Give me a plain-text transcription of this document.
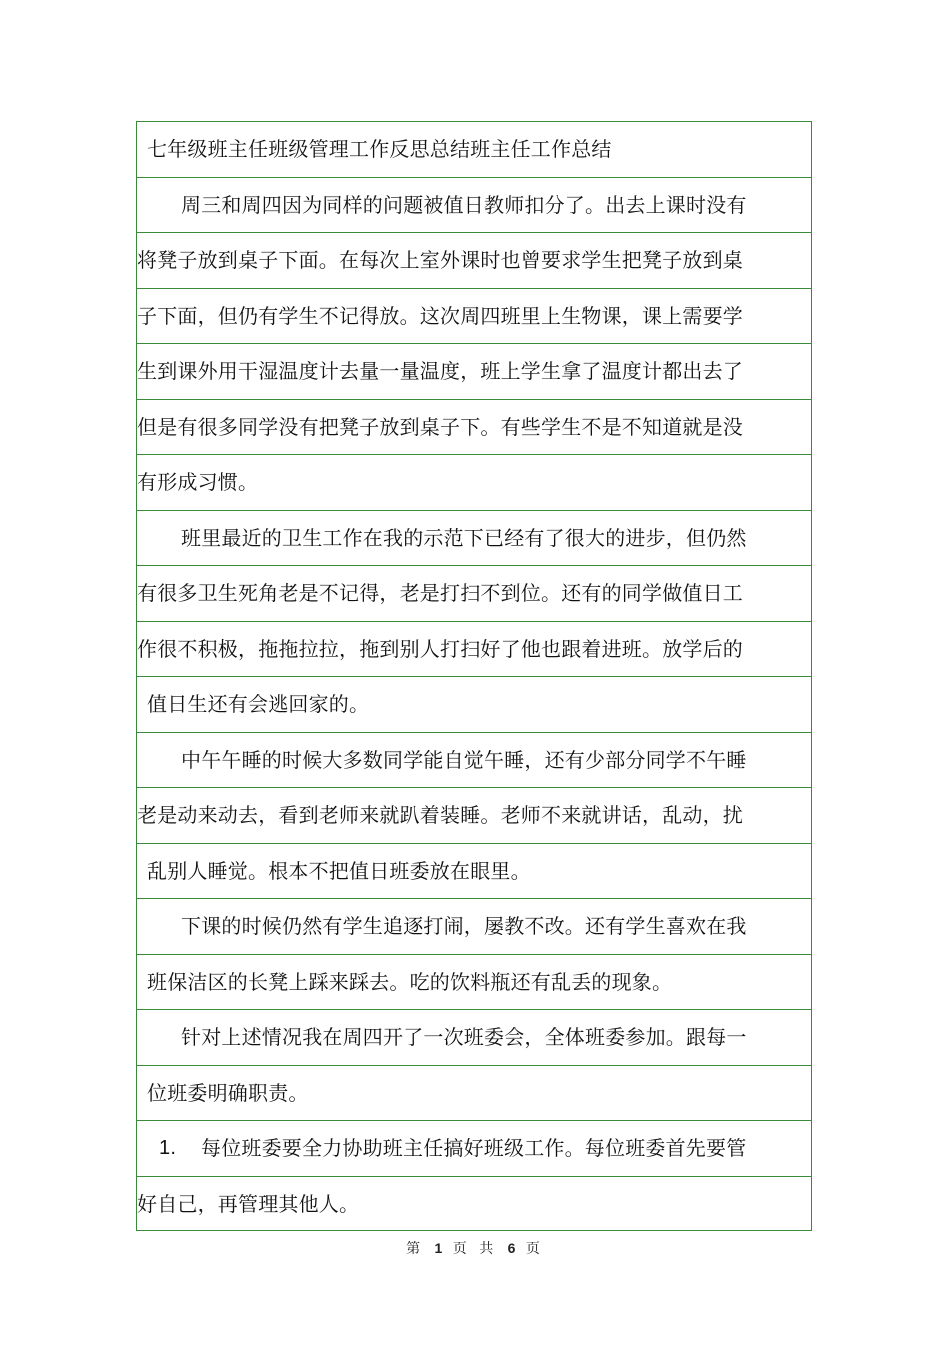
七年级班主任班级管理工作反思总结班主任工作总结
周三和周四因为同样的问题被值日教师扣分了。出去上课时没有
将凳子放到桌子下面。在每次上室外课时也曾要求学生把凳子放到桌
子下面，但仍有学生不记得放。这次周四班里上生物课，课上需要学
生到课外用干湿温度计去量一量温度，班上学生拿了温度计都出去了
但是有很多同学没有把凳子放到桌子下。有些学生不是不知道就是没
有形成习惯。
班里最近的卫生工作在我的示范下已经有了很大的进步，但仍然
有很多卫生死角老是不记得，老是打扫不到位。还有的同学做值日工
作很不积极，拖拖拉拉，拖到别人打扫好了他也跟着进班。放学后的
值日生还有会逃回家的。
中午午睡的时候大多数同学能自觉午睡，还有少部分同学不午睡
老是动来动去，看到老师来就趴着装睡。老师不来就讲话，乱动，扰
乱别人睡觉。根本不把值日班委放在眼里。
下课的时候仍然有学生追逐打闹，屡教不改。还有学生喜欢在我
班保洁区的长凳上踩来踩去。吃的饮料瓶还有乱丢的现象。
针对上述情况我在周四开了一次班委会，全体班委参加。跟每一
位班委明确职责。
1.	每位班委要全力协助班主任搞好班级工作。每位班委首先要管
好自己，再管理其他人。
第 1 页 共 6 页
